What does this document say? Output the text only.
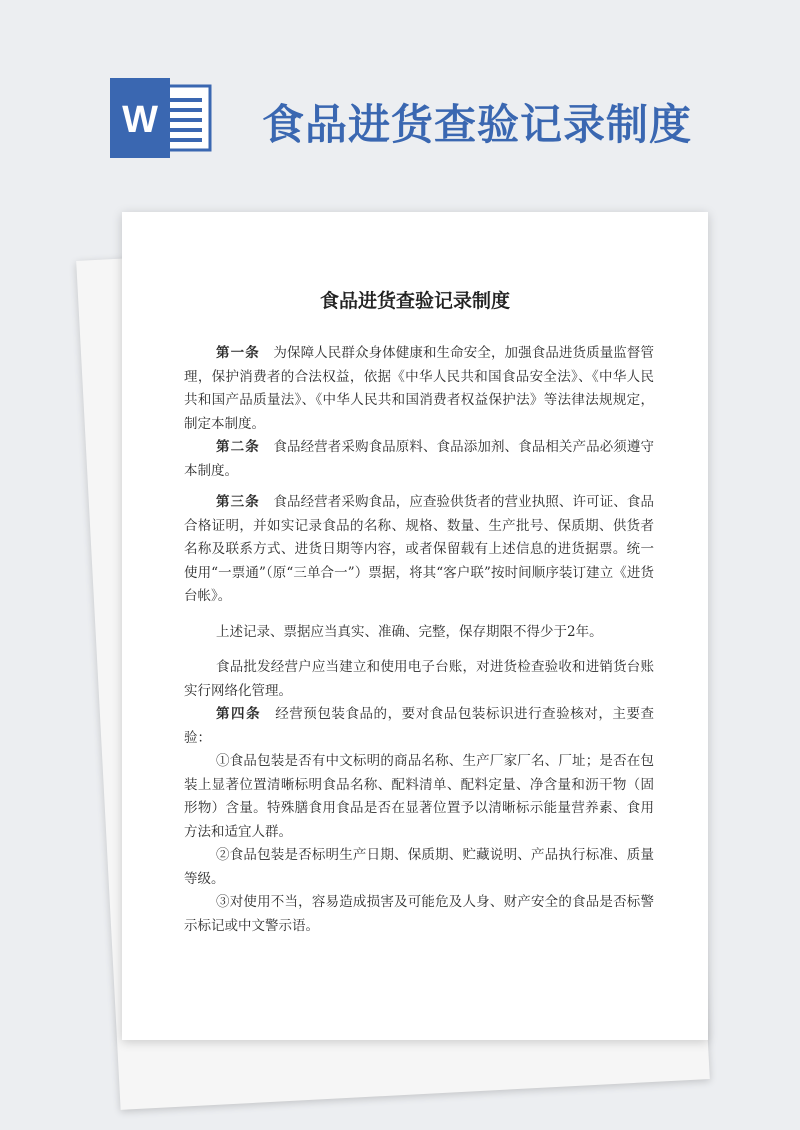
W 食品进货查验记录制度
食品进货查验记录制度

第一条　为保障人民群众身体健康和生命安全，加强食品进货质量监督管理，保护消费者的合法权益，依据《中华人民共和国食品安全法》、《中华人民共和国产品质量法》、《中华人民共和国消费者权益保护法》等法律法规规定，制定本制度。

第二条　食品经营者采购食品原料、食品添加剂、食品相关产品必须遵守本制度。

第三条　食品经营者采购食品，应查验供货者的营业执照、许可证、食品合格证明，并如实记录食品的名称、规格、数量、生产批号、保质期、供货者名称及联系方式、进货日期等内容，或者保留载有上述信息的进货据票。统一使用“一票通”（原“三单合一”）票据，将其“客户联”按时间顺序装订建立《进货台帐》。

上述记录、票据应当真实、准确、完整，保存期限不得少于2年。

食品批发经营户应当建立和使用电子台账，对进货检查验收和进销货台账实行网络化管理。

第四条　经营预包装食品的，要对食品包装标识进行查验核对，主要查验：

①食品包装是否有中文标明的商品名称、生产厂家厂名、厂址；是否在包装上显著位置清晰标明食品名称、配料清单、配料定量、净含量和沥干物（固形物）含量。特殊膳食用食品是否在显著位置予以清晰标示能量营养素、食用方法和适宜人群。

②食品包装是否标明生产日期、保质期、贮藏说明、产品执行标准、质量等级。

③对使用不当，容易造成损害及可能危及人身、财产安全的食品是否标警示标记或中文警示语。
